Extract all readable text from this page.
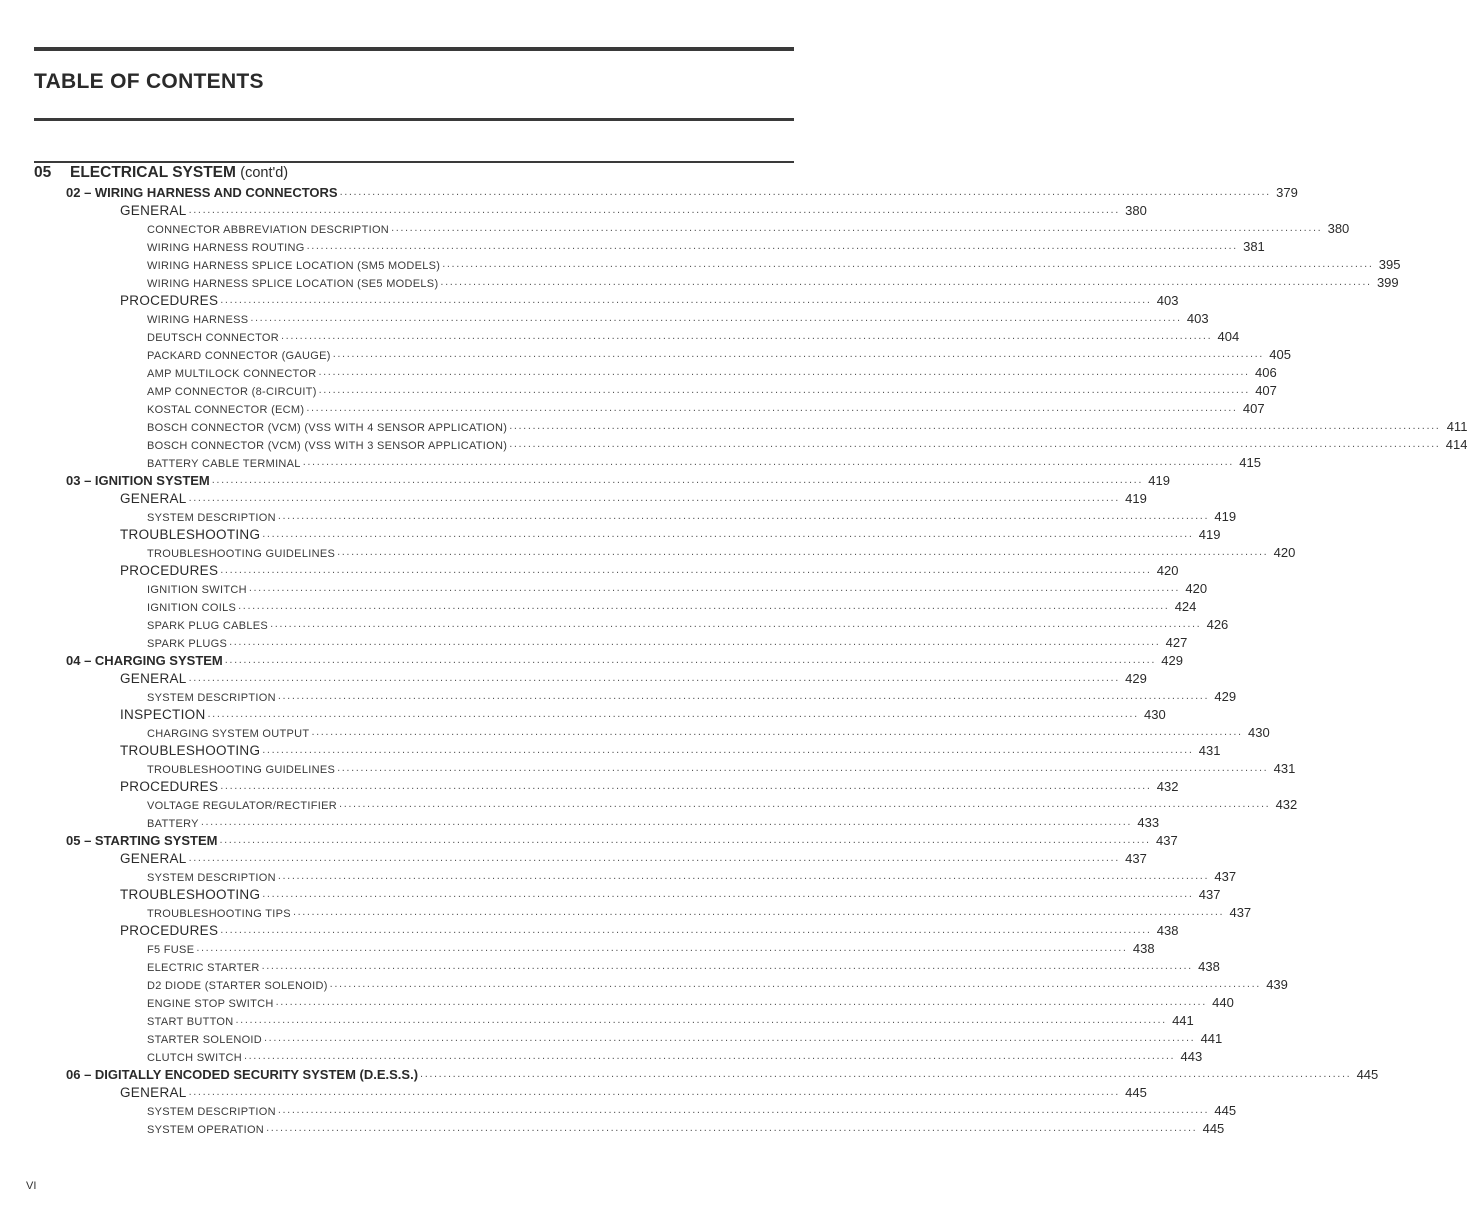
TABLE OF CONTENTS
05 ELECTRICAL SYSTEM (cont'd)
02 – WIRING HARNESS AND CONNECTORS ........................................................................................................................................................................................................ 379
GENERAL ........................................................................................................................................................................................................ 380
CONNECTOR ABBREVIATION DESCRIPTION ........................................................................................................................................................................................................ 380
WIRING HARNESS ROUTING ........................................................................................................................................................................................................ 381
WIRING HARNESS SPLICE LOCATION (SM5 MODELS) ........................................................................................................................................................................................................ 395
WIRING HARNESS SPLICE LOCATION (SE5 MODELS) ........................................................................................................................................................................................................ 399
PROCEDURES ........................................................................................................................................................................................................ 403
WIRING HARNESS ........................................................................................................................................................................................................ 403
DEUTSCH CONNECTOR ........................................................................................................................................................................................................ 404
PACKARD CONNECTOR (GAUGE) ........................................................................................................................................................................................................ 405
AMP MULTILOCK CONNECTOR ........................................................................................................................................................................................................ 406
AMP CONNECTOR (8-CIRCUIT) ........................................................................................................................................................................................................ 407
KOSTAL CONNECTOR (ECM) ........................................................................................................................................................................................................ 407
BOSCH CONNECTOR (VCM) (VSS WITH 4 SENSOR APPLICATION) ........................................................................................................................................................................................................ 411
BOSCH CONNECTOR (VCM) (VSS WITH 3 SENSOR APPLICATION) ........................................................................................................................................................................................................ 414
BATTERY CABLE TERMINAL ........................................................................................................................................................................................................ 415
03 – IGNITION SYSTEM ........................................................................................................................................................................................................ 419
GENERAL ........................................................................................................................................................................................................ 419
SYSTEM DESCRIPTION ........................................................................................................................................................................................................ 419
TROUBLESHOOTING ........................................................................................................................................................................................................ 419
TROUBLESHOOTING GUIDELINES ........................................................................................................................................................................................................ 420
PROCEDURES ........................................................................................................................................................................................................ 420
IGNITION SWITCH ........................................................................................................................................................................................................ 420
IGNITION COILS ........................................................................................................................................................................................................ 424
SPARK PLUG CABLES ........................................................................................................................................................................................................ 426
SPARK PLUGS ........................................................................................................................................................................................................ 427
04 – CHARGING SYSTEM ........................................................................................................................................................................................................ 429
GENERAL ........................................................................................................................................................................................................ 429
SYSTEM DESCRIPTION ........................................................................................................................................................................................................ 429
INSPECTION ........................................................................................................................................................................................................ 430
CHARGING SYSTEM OUTPUT ........................................................................................................................................................................................................ 430
TROUBLESHOOTING ........................................................................................................................................................................................................ 431
TROUBLESHOOTING GUIDELINES ........................................................................................................................................................................................................ 431
PROCEDURES ........................................................................................................................................................................................................ 432
VOLTAGE REGULATOR/RECTIFIER ........................................................................................................................................................................................................ 432
BATTERY ........................................................................................................................................................................................................ 433
05 – STARTING SYSTEM ........................................................................................................................................................................................................ 437
GENERAL ........................................................................................................................................................................................................ 437
SYSTEM DESCRIPTION ........................................................................................................................................................................................................ 437
TROUBLESHOOTING ........................................................................................................................................................................................................ 437
TROUBLESHOOTING TIPS ........................................................................................................................................................................................................ 437
PROCEDURES ........................................................................................................................................................................................................ 438
F5 FUSE ........................................................................................................................................................................................................ 438
ELECTRIC STARTER ........................................................................................................................................................................................................ 438
D2 DIODE (STARTER SOLENOID) ........................................................................................................................................................................................................ 439
ENGINE STOP SWITCH ........................................................................................................................................................................................................ 440
START BUTTON ........................................................................................................................................................................................................ 441
STARTER SOLENOID ........................................................................................................................................................................................................ 441
CLUTCH SWITCH ........................................................................................................................................................................................................ 443
06 – DIGITALLY ENCODED SECURITY SYSTEM (D.E.S.S.) ........................................................................................................................................................................................................ 445
GENERAL ........................................................................................................................................................................................................ 445
SYSTEM DESCRIPTION ........................................................................................................................................................................................................ 445
SYSTEM OPERATION ........................................................................................................................................................................................................ 445
VI
